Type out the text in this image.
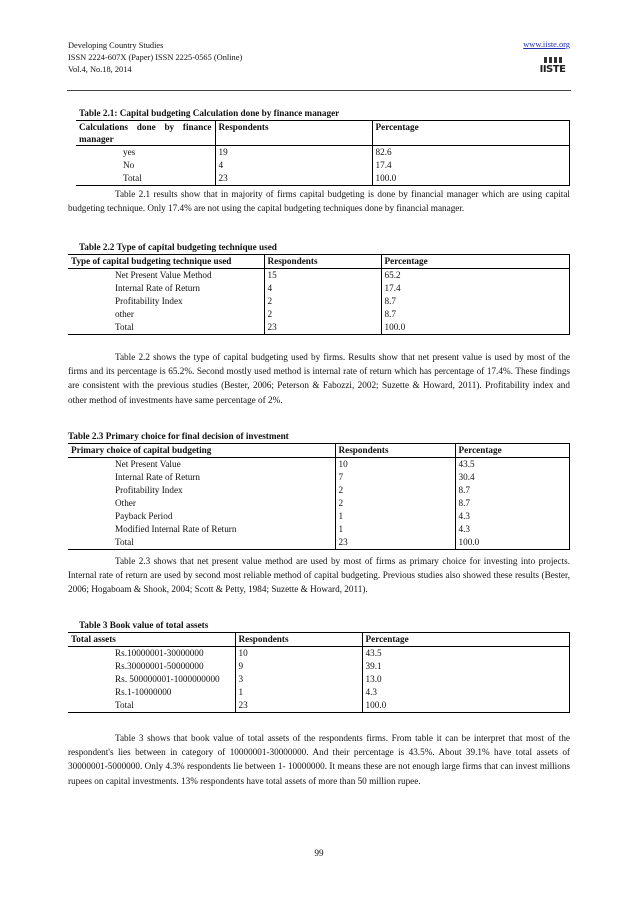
Developing Country Studies
ISSN 2224-607X (Paper) ISSN 2225-0565 (Online)
Vol.4, No.18, 2014
www.iiste.org
IISTE
Table 2.1: Capital budgeting Calculation done by finance manager
Calculations done by finance manager	Respondents	Percentage
yes	19	82.6
No	4	17.4
Total	23	100.0
Table 2.1 results show that in majority of firms capital budgeting is done by financial manager which are using capital budgeting technique. Only 17.4% are not using the capital budgeting techniques done by financial manager.
Table 2.2 Type of capital budgeting technique used
Type of capital budgeting technique used	Respondents	Percentage
Net Present Value Method	15	65.2
Internal Rate of Return	4	17.4
Profitability Index	2	8.7
other	2	8.7
Total	23	100.0
Table 2.2 shows the type of capital budgeting used by firms. Results show that net present value is used by most of the firms and its percentage is 65.2%. Second mostly used method is internal rate of return which has percentage of 17.4%. These findings are consistent with the previous studies (Bester, 2006; Peterson & Fabozzi, 2002; Suzette & Howard, 2011). Profitability index and other method of investments have same percentage of 2%.
Table 2.3 Primary choice for final decision of investment
Primary choice of capital budgeting	Respondents	Percentage
Net Present Value	10	43.5
Internal Rate of Return	7	30.4
Profitability Index	2	8.7
Other	2	8.7
Payback Period	1	4.3
Modified Internal Rate of Return	1	4.3
Total	23	100.0
Table 2.3 shows that net present value method are used by most of firms as primary choice for investing into projects. Internal rate of return are used by second most reliable method of capital budgeting. Previous studies also showed these results (Bester, 2006; Hogaboam & Shook, 2004; Scott & Petty, 1984; Suzette & Howard, 2011).
Table 3 Book value of total assets
Total assets	Respondents	Percentage
Rs.10000001-30000000	10	43.5
Rs.30000001-50000000	9	39.1
Rs. 500000001-1000000000	3	13.0
Rs.1-10000000	1	4.3
Total	23	100.0
Table 3 shows that book value of total assets of the respondents firms. From table it can be interpret that most of the respondent's lies between in category of 10000001-30000000. And their percentage is 43.5%. About 39.1% have total assets of 30000001-5000000. Only 4.3% respondents lie between 1- 10000000. It means these are not enough large firms that can invest millions rupees on capital investments. 13% respondents have total assets of more than 50 million rupee.
99
